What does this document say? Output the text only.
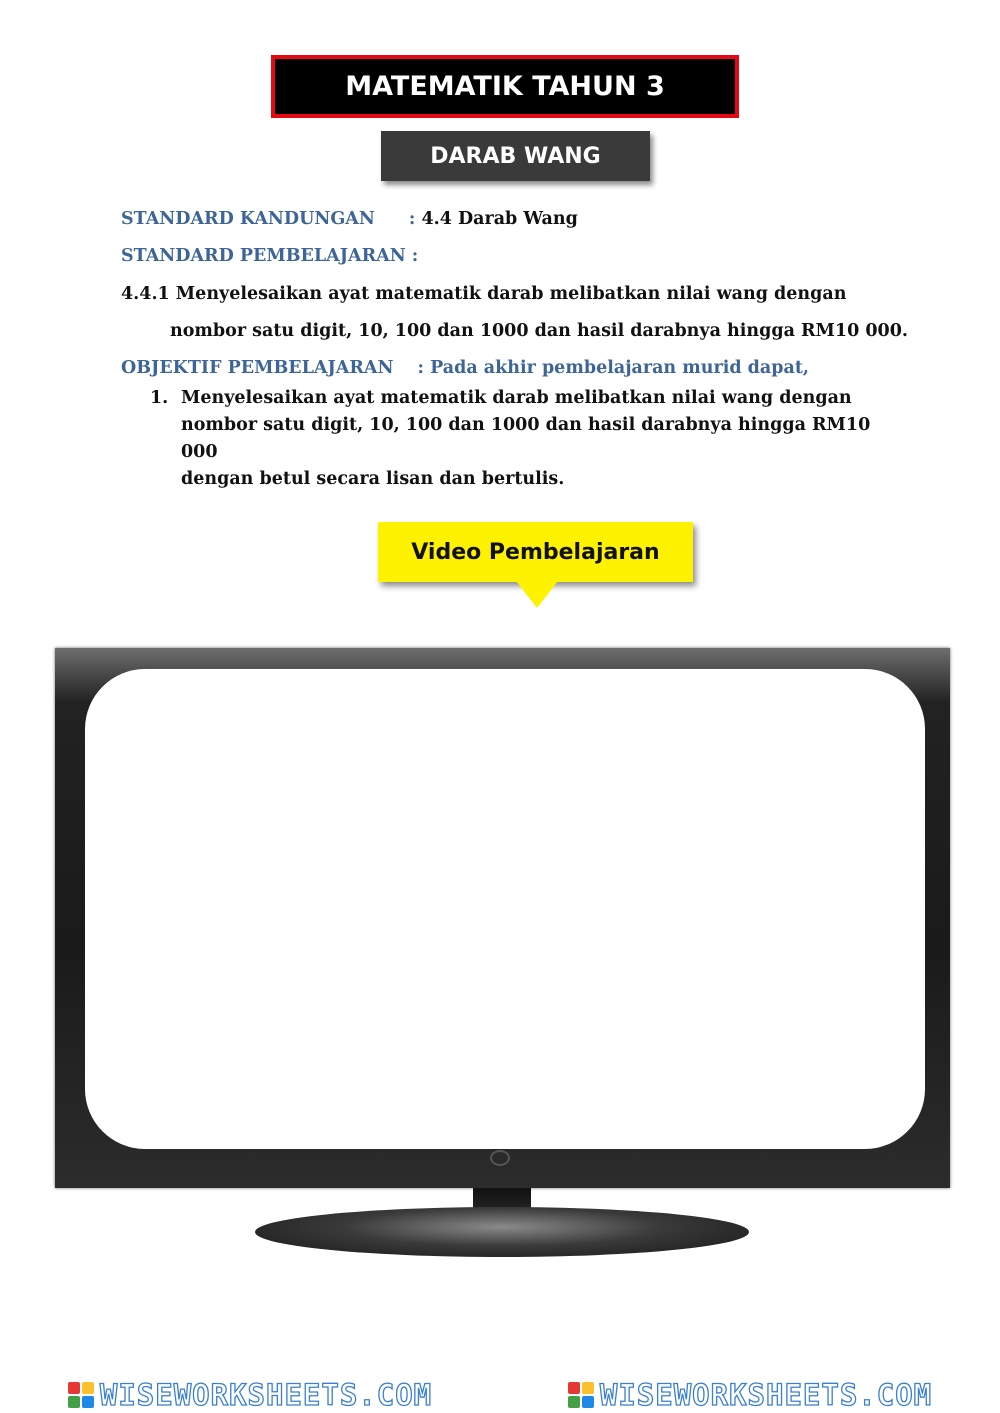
MATEMATIK TAHUN 3
DARAB WANG
STANDARD KANDUNGAN : 4.4 Darab Wang
STANDARD PEMBELAJARAN :
4.4.1 Menyelesaikan ayat matematik darab melibatkan nilai wang dengan
nombor satu digit, 10, 100 dan 1000 dan hasil darabnya hingga RM10 000.
OBJEKTIF PEMBELAJARAN : Pada akhir pembelajaran murid dapat,
1. Menyelesaikan ayat matematik darab melibatkan nilai wang dengan
nombor satu digit, 10, 100 dan 1000 dan hasil darabnya hingga RM10 000
dengan betul secara lisan dan bertulis.
Video Pembelajaran
WISEWORKSHEETS.COM	WISEWORKSHEETS.COM
